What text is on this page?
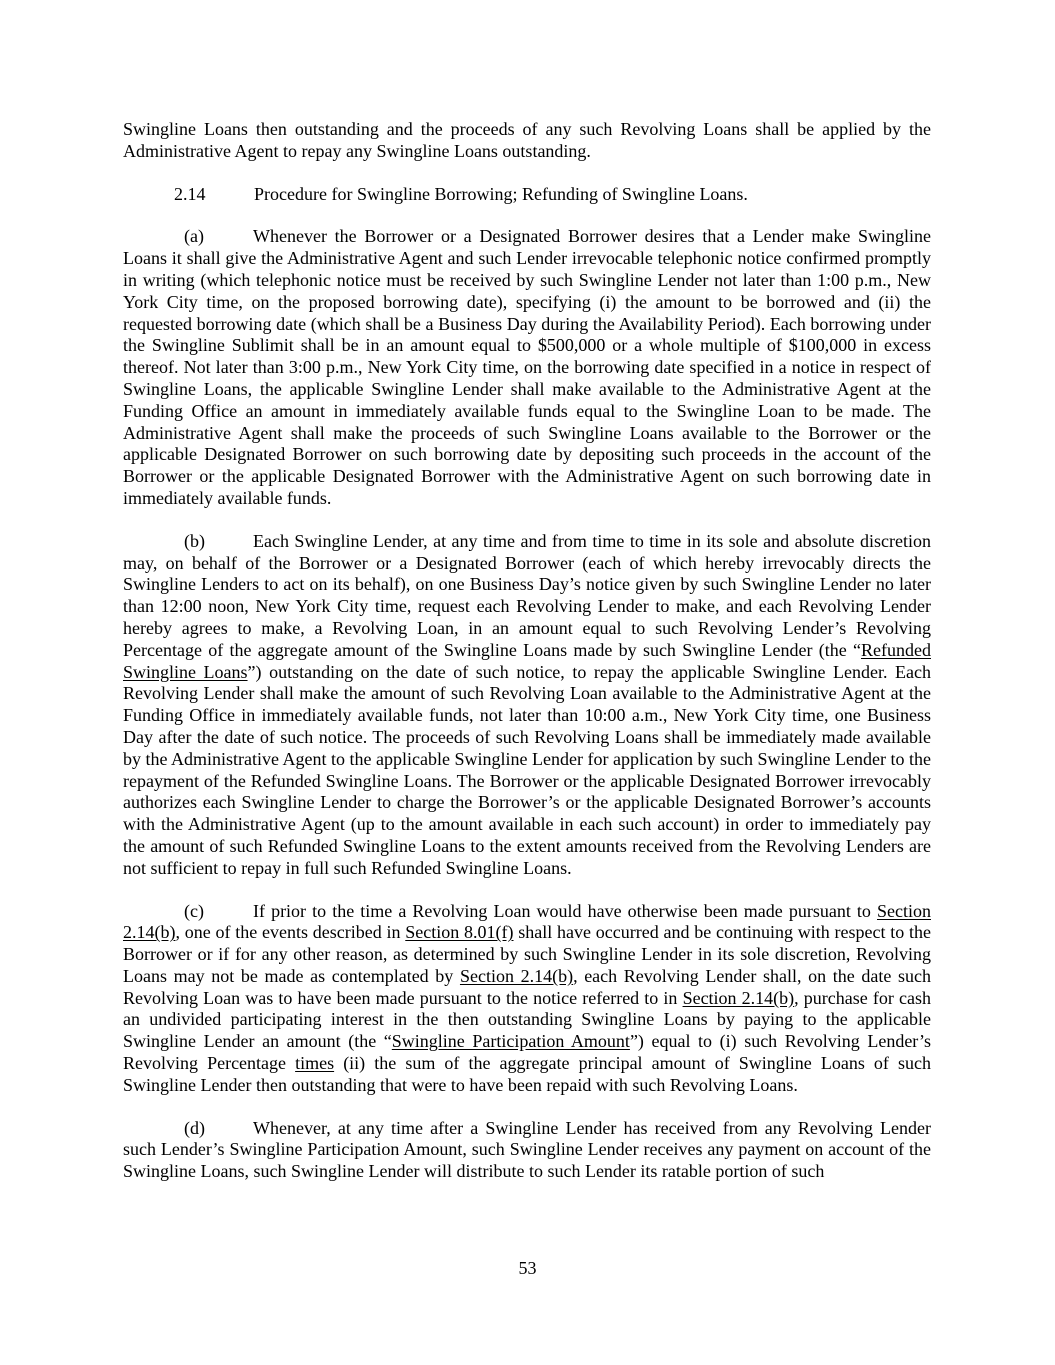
Swingline Loans then outstanding and the proceeds of any such Revolving Loans shall be applied by the Administrative Agent to repay any Swingline Loans outstanding.

2.14	Procedure for Swingline Borrowing; Refunding of Swingline Loans.

(a)	Whenever the Borrower or a Designated Borrower desires that a Lender make Swingline Loans it shall give the Administrative Agent and such Lender irrevocable telephonic notice confirmed promptly in writing (which telephonic notice must be received by such Swingline Lender not later than 1:00 p.m., New York City time, on the proposed borrowing date), specifying (i) the amount to be borrowed and (ii) the requested borrowing date (which shall be a Business Day during the Availability Period). Each borrowing under the Swingline Sublimit shall be in an amount equal to $500,000 or a whole multiple of $100,000 in excess thereof. Not later than 3:00 p.m., New York City time, on the borrowing date specified in a notice in respect of Swingline Loans, the applicable Swingline Lender shall make available to the Administrative Agent at the Funding Office an amount in immediately available funds equal to the Swingline Loan to be made. The Administrative Agent shall make the proceeds of such Swingline Loans available to the Borrower or the applicable Designated Borrower on such borrowing date by depositing such proceeds in the account of the Borrower or the applicable Designated Borrower with the Administrative Agent on such borrowing date in immediately available funds.

(b)	Each Swingline Lender, at any time and from time to time in its sole and absolute discretion may, on behalf of the Borrower or a Designated Borrower (each of which hereby irrevocably directs the Swingline Lenders to act on its behalf), on one Business Day’s notice given by such Swingline Lender no later than 12:00 noon, New York City time, request each Revolving Lender to make, and each Revolving Lender hereby agrees to make, a Revolving Loan, in an amount equal to such Revolving Lender’s Revolving Percentage of the aggregate amount of the Swingline Loans made by such Swingline Lender (the “Refunded Swingline Loans”) outstanding on the date of such notice, to repay the applicable Swingline Lender. Each Revolving Lender shall make the amount of such Revolving Loan available to the Administrative Agent at the Funding Office in immediately available funds, not later than 10:00 a.m., New York City time, one Business Day after the date of such notice. The proceeds of such Revolving Loans shall be immediately made available by the Administrative Agent to the applicable Swingline Lender for application by such Swingline Lender to the repayment of the Refunded Swingline Loans. The Borrower or the applicable Designated Borrower irrevocably authorizes each Swingline Lender to charge the Borrower’s or the applicable Designated Borrower’s accounts with the Administrative Agent (up to the amount available in each such account) in order to immediately pay the amount of such Refunded Swingline Loans to the extent amounts received from the Revolving Lenders are not sufficient to repay in full such Refunded Swingline Loans.

(c)	If prior to the time a Revolving Loan would have otherwise been made pursuant to Section 2.14(b), one of the events described in Section 8.01(f) shall have occurred and be continuing with respect to the Borrower or if for any other reason, as determined by such Swingline Lender in its sole discretion, Revolving Loans may not be made as contemplated by Section 2.14(b), each Revolving Lender shall, on the date such Revolving Loan was to have been made pursuant to the notice referred to in Section 2.14(b), purchase for cash an undivided participating interest in the then outstanding Swingline Loans by paying to the applicable Swingline Lender an amount (the “Swingline Participation Amount”) equal to (i) such Revolving Lender’s Revolving Percentage times (ii) the sum of the aggregate principal amount of Swingline Loans of such Swingline Lender then outstanding that were to have been repaid with such Revolving Loans.

(d)	Whenever, at any time after a Swingline Lender has received from any Revolving Lender such Lender’s Swingline Participation Amount, such Swingline Lender receives any payment on account of the Swingline Loans, such Swingline Lender will distribute to such Lender its ratable portion of such

53
